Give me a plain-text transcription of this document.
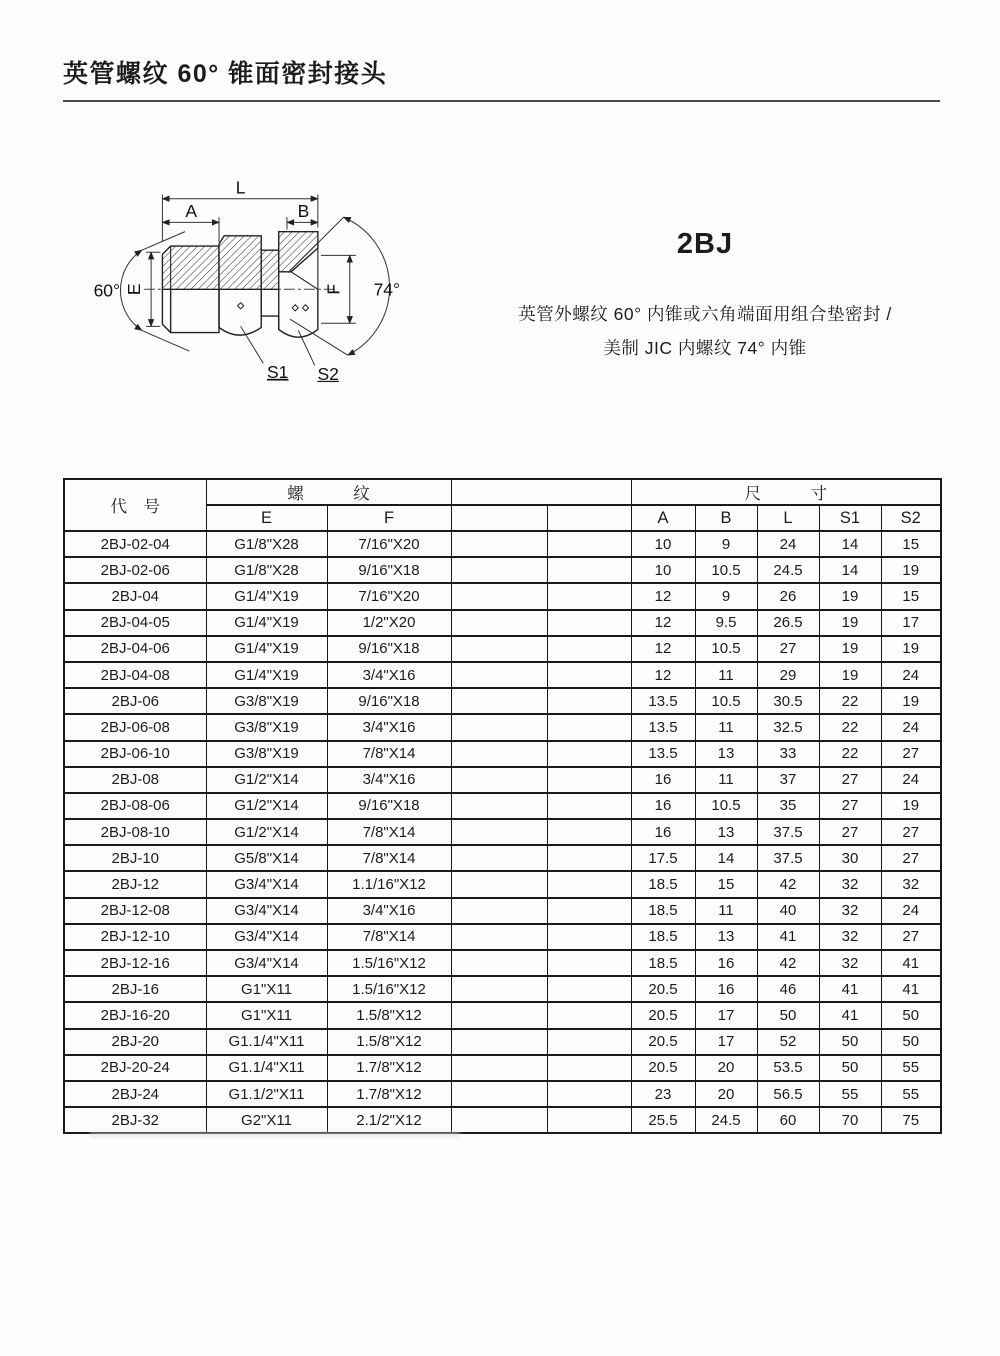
英管螺纹 60° 锥面密封接头
L
A	B
E	F
60°	74°
S1 S2
2BJ

英管外螺纹 60° 内锥或六角端面用组合垫密封 /

美制 JIC 内螺纹 74° 内锥

代　号	螺　　　纹				尺　　　寸				
	E	F			A	B	L	S1	S2
2BJ-02-04	G1/8"X28	7/16"X20			10	9	24	14	15
2BJ-02-06	G1/8"X28	9/16"X18			10	10.5	24.5	14	19
2BJ-04	G1/4"X19	7/16"X20			12	9	26	19	15
2BJ-04-05	G1/4"X19	1/2"X20			12	9.5	26.5	19	17
2BJ-04-06	G1/4"X19	9/16"X18			12	10.5	27	19	19
2BJ-04-08	G1/4"X19	3/4"X16			12	11	29	19	24
2BJ-06	G3/8"X19	9/16"X18			13.5	10.5	30.5	22	19
2BJ-06-08	G3/8"X19	3/4"X16			13.5	11	32.5	22	24
2BJ-06-10	G3/8"X19	7/8"X14			13.5	13	33	22	27
2BJ-08	G1/2"X14	3/4"X16			16	11	37	27	24
2BJ-08-06	G1/2"X14	9/16"X18			16	10.5	35	27	19
2BJ-08-10	G1/2"X14	7/8"X14			16	13	37.5	27	27
2BJ-10	G5/8"X14	7/8"X14			17.5	14	37.5	30	27
2BJ-12	G3/4"X14	1.1/16"X12			18.5	15	42	32	32
2BJ-12-08	G3/4"X14	3/4"X16			18.5	11	40	32	24
2BJ-12-10	G3/4"X14	7/8"X14			18.5	13	41	32	27
2BJ-12-16	G3/4"X14	1.5/16"X12			18.5	16	42	32	41
2BJ-16	G1"X11	1.5/16"X12			20.5	16	46	41	41
2BJ-16-20	G1"X11	1.5/8"X12			20.5	17	50	41	50
2BJ-20	G1.1/4"X11	1.5/8"X12			20.5	17	52	50	50
2BJ-20-24	G1.1/4"X11	1.7/8"X12			20.5	20	53.5	50	55
2BJ-24	G1.1/2"X11	1.7/8"X12			23	20	56.5	55	55
2BJ-32	G2"X11	2.1/2"X12			25.5	24.5	60	70	75
